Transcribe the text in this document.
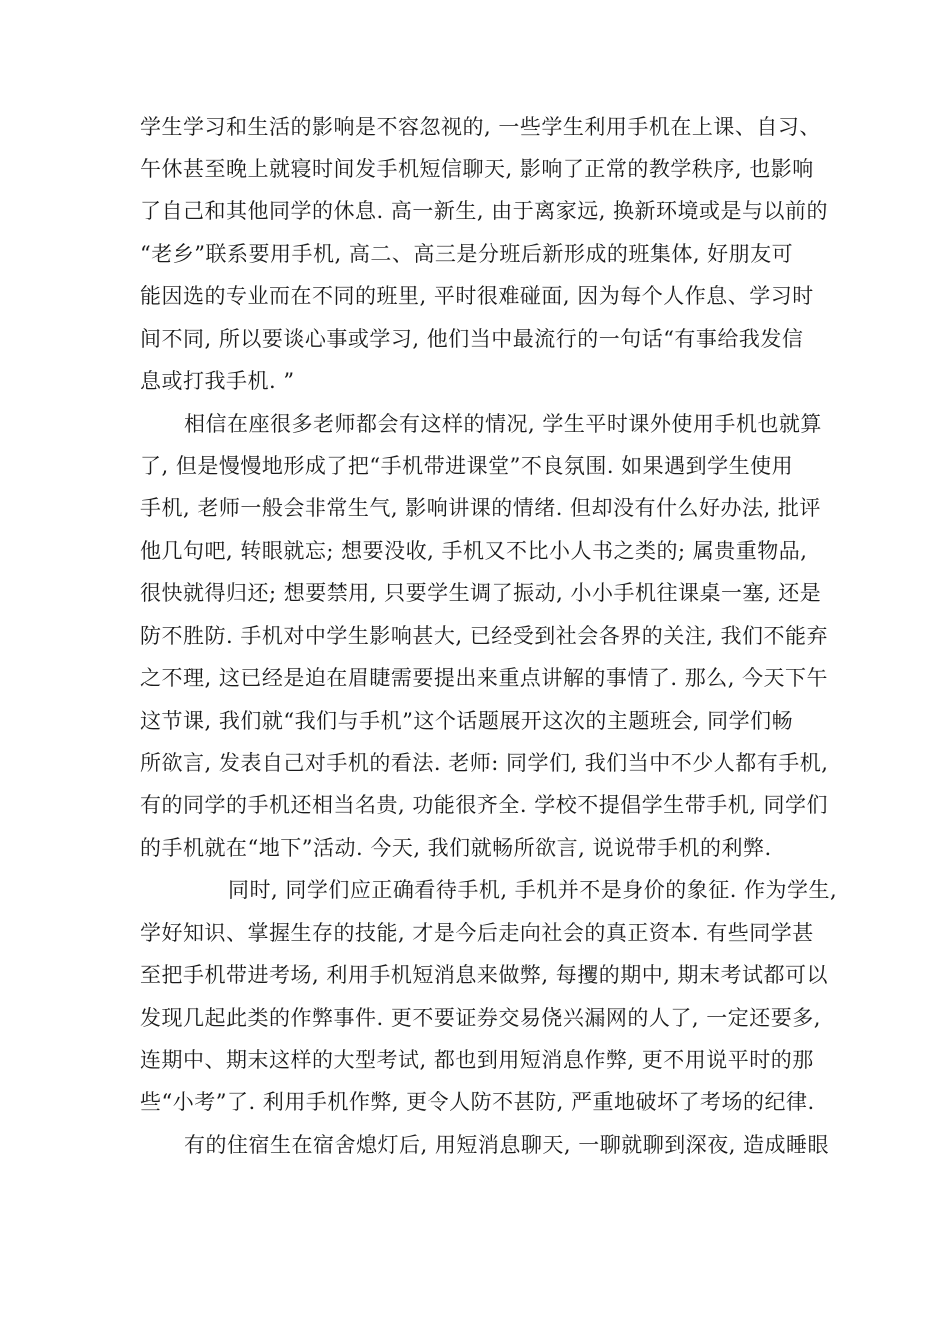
学生学习和生活的影响是不容忽视的, 一些学生利用手机在上课、自习、
午休甚至晚上就寝时间发手机短信聊天, 影响了正常的教学秩序, 也影响
了自己和其他同学的休息. 高一新生, 由于离家远, 换新环境或是与以前的
“老乡”联系要用手机, 高二、高三是分班后新形成的班集体, 好朋友可
能因选的专业而在不同的班里, 平时很难碰面, 因为每个人作息、学习时
间不同, 所以要谈心事或学习, 他们当中最流行的一句话“有事给我发信
息或打我手机. ”
相信在座很多老师都会有这样的情况, 学生平时课外使用手机也就算
了, 但是慢慢地形成了把“手机带进课堂”不良氛围. 如果遇到学生使用
手机, 老师一般会非常生气, 影响讲课的情绪. 但却没有什么好办法, 批评
他几句吧, 转眼就忘; 想要没收, 手机又不比小人书之类的; 属贵重物品,
很快就得归还; 想要禁用, 只要学生调了振动, 小小手机往课桌一塞, 还是
防不胜防. 手机对中学生影响甚大, 已经受到社会各界的关注, 我们不能弃
之不理, 这已经是迫在眉睫需要提出来重点讲解的事情了. 那么, 今天下午
这节课, 我们就“我们与手机”这个话题展开这次的主题班会, 同学们畅
所欲言, 发表自己对手机的看法. 老师: 同学们, 我们当中不少人都有手机,
有的同学的手机还相当名贵, 功能很齐全. 学校不提倡学生带手机, 同学们
的手机就在“地下”活动. 今天, 我们就畅所欲言, 说说带手机的利弊.
同时, 同学们应正确看待手机, 手机并不是身价的象征. 作为学生,
学好知识、掌握生存的技能, 才是今后走向社会的真正资本. 有些同学甚
至把手机带进考场, 利用手机短消息来做弊, 每攫的期中, 期末考试都可以
发现几起此类的作弊事件. 更不要证券交易侥兴漏网的人了, 一定还要多,
连期中、期末这样的大型考试, 都也到用短消息作弊, 更不用说平时的那
些“小考”了. 利用手机作弊, 更令人防不甚防, 严重地破坏了考场的纪律.
有的住宿生在宿舍熄灯后, 用短消息聊天, 一聊就聊到深夜, 造成睡眼
